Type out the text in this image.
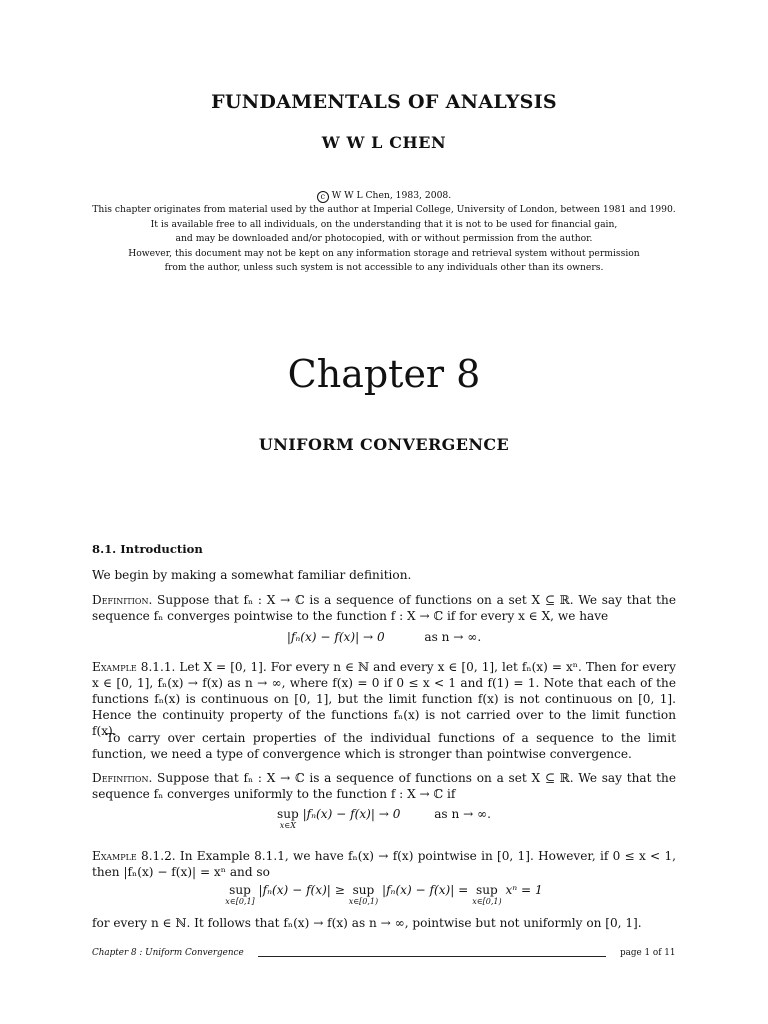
FUNDAMENTALS OF ANALYSIS
W W L CHEN
c W W L Chen, 1983, 2008.
This chapter originates from material used by the author at Imperial College, University of London, between 1981 and 1990.
It is available free to all individuals, on the understanding that it is not to be used for financial gain,
and may be downloaded and/or photocopied, with or without permission from the author.
However, this document may not be kept on any information storage and retrieval system without permission
from the author, unless such system is not accessible to any individuals other than its owners.
Chapter 8
UNIFORM CONVERGENCE
8.1. Introduction
We begin by making a somewhat familiar definition.
Definition. Suppose that fₙ : X → ℂ is a sequence of functions on a set X ⊆ ℝ. We say that the sequence fₙ converges pointwise to the function f : X → ℂ if for every x ∈ X, we have
|fₙ(x) − f(x)| → 0	as n → ∞.
Example 8.1.1. Let X = [0, 1]. For every n ∈ ℕ and every x ∈ [0, 1], let fₙ(x) = xⁿ. Then for every x ∈ [0, 1], fₙ(x) → f(x) as n → ∞, where f(x) = 0 if 0 ≤ x < 1 and f(1) = 1. Note that each of the functions fₙ(x) is continuous on [0, 1], but the limit function f(x) is not continuous on [0, 1]. Hence the continuity property of the functions fₙ(x) is not carried over to the limit function f(x).
To carry over certain properties of the individual functions of a sequence to the limit function, we need a type of convergence which is stronger than pointwise convergence.
Definition. Suppose that fₙ : X → ℂ is a sequence of functions on a set X ⊆ ℝ. We say that the sequence fₙ converges uniformly to the function f : X → ℂ if
sup
x∈X
|fₙ(x) − f(x)| → 0	as n → ∞.
Example 8.1.2. In Example 8.1.1, we have fₙ(x) → f(x) pointwise in [0, 1]. However, if 0 ≤ x < 1, then |fₙ(x) − f(x)| = xⁿ and so
sup
x∈[0,1]
|fₙ(x) − f(x)| ≥ sup
x∈[0,1)
|fₙ(x) − f(x)| = sup
x∈[0,1)
xⁿ = 1
for every n ∈ ℕ. It follows that fₙ(x) → f(x) as n → ∞, pointwise but not uniformly on [0, 1].
Chapter 8 : Uniform Convergence	page 1 of 11
